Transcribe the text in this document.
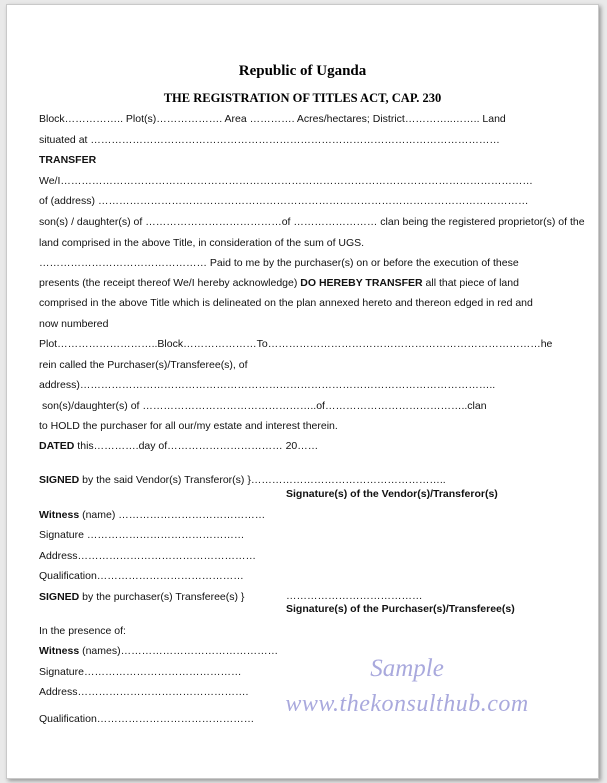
Republic of Uganda
THE REGISTRATION OF TITLES ACT, CAP. 230
Block…………….. Plot(s)………………. Area …………. Acres/hectares; District…………..…….. Land
situated at ………………………………………………………………………………………………………
TRANSFER
We/I………………………………………………………………………………………………………………………
of (address) ……………………………………………………………………………………………………………
son(s) / daughter(s) of …………………………………of …………………… clan being the registered proprietor(s) of the
land comprised in the above Title, in consideration of the sum of UGS.
………………………………………… Paid to me by the purchaser(s) on or before the execution of these
presents (the receipt thereof We/I hereby acknowledge) DO HEREBY TRANSFER all that piece of land
comprised in the above Title which is delineated on the plan annexed hereto and thereon edged in red and
now numbered
Plot………………………..Block…………………To……………………………………………………………………he
rein called the Purchaser(s)/Transferee(s), of
address)………………………………………………………………………………………………………..
son(s)/daughter(s) of …………………………………………..of…………………………………..clan
to HOLD the purchaser for all our/my estate and interest therein.
DATED this………….day of…………………………… 20……
SIGNED by the said Vendor(s) Transferor(s) }………………………………………………..
Signature(s) of the Vendor(s)/Transferor(s)
Witness (name) ……………………………………
Signature ………………………………………
Address……………………………………………
Qualification……………………………………
SIGNED by the purchaser(s) Transferee(s) }	…………………………………
Signature(s) of the Purchaser(s)/Transferee(s)
In the presence of:
Witness (names)………………………………………
Signature………………………………………
Address………………………………………….
Qualification………………………………………
Sample
www.thekonsulthub.com
